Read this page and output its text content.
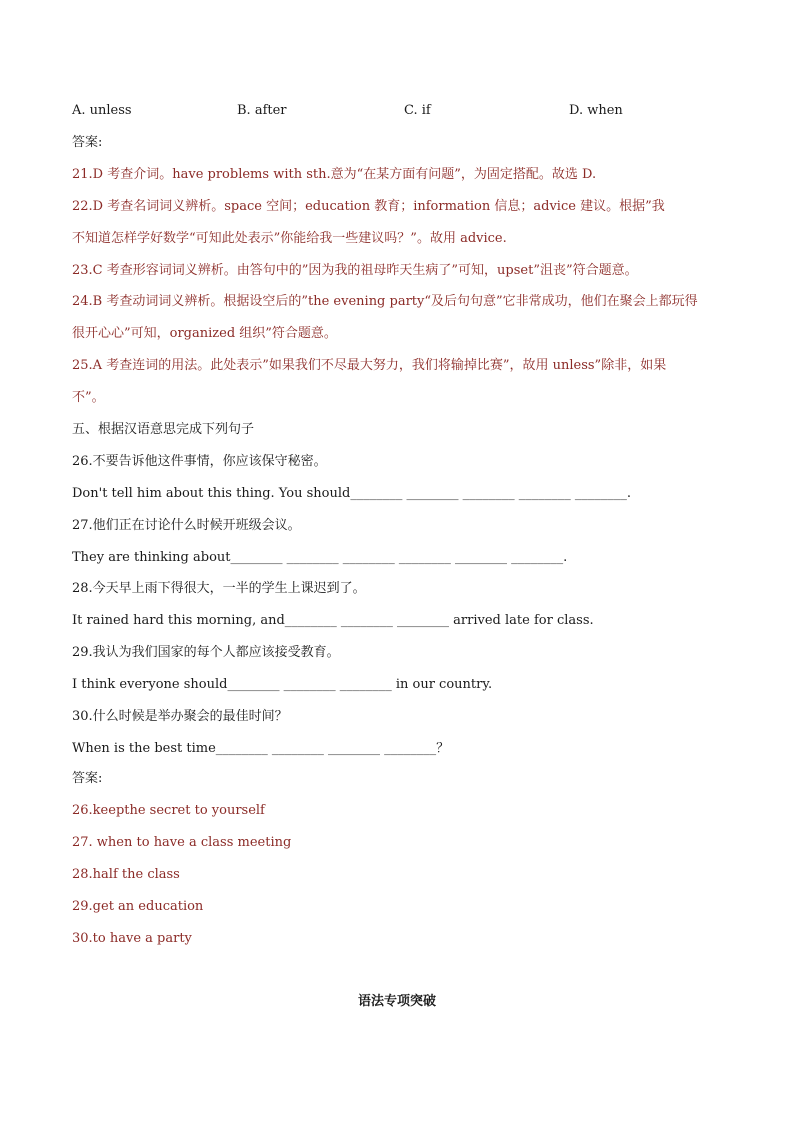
A. unless	B. after	C. if	D. when
答案:
21.D 考查介词。have problems with sth.意为“在某方面有问题”，为固定搭配。故选 D.
22.D 考查名词词义辨析。space 空间；education 教育；information 信息；advice 建议。根据”我
不知道怎样学好数学“可知此处表示”你能给我一些建议吗？”。故用 advice.
23.C 考查形容词词义辨析。由答句中的”因为我的祖母昨天生病了”可知，upset”沮丧”符合题意。
24.B 考查动词词义辨析。根据设空后的”the evening party“及后句句意”它非常成功，他们在聚会上都玩得
很开心心”可知，organized 组织”符合题意。
25.A 考查连词的用法。此处表示”如果我们不尽最大努力，我们将输掉比赛”，故用 unless”除非，如果
不”。
五、根据汉语意思完成下列句子
26.不要告诉他这件事情，你应该保守秘密。
Don't tell him about this thing. You should________ ________ ________ ________ ________.
27.他们正在讨论什么时候开班级会议。
They are thinking about________ ________ ________ ________ ________ ________.
28.今天早上雨下得很大，一半的学生上课迟到了。
It rained hard this morning, and________ ________ ________ arrived late for class.
29.我认为我们国家的每个人都应该接受教育。
I think everyone should________ ________ ________ in our country.
30.什么时候是举办聚会的最佳时间？
When is the best time________ ________ ________ ________？
答案:
26.keepthe secret to yourself
27. when to have a class meeting
28.half the class
29.get an education
30.to have a party
语法专项突破
